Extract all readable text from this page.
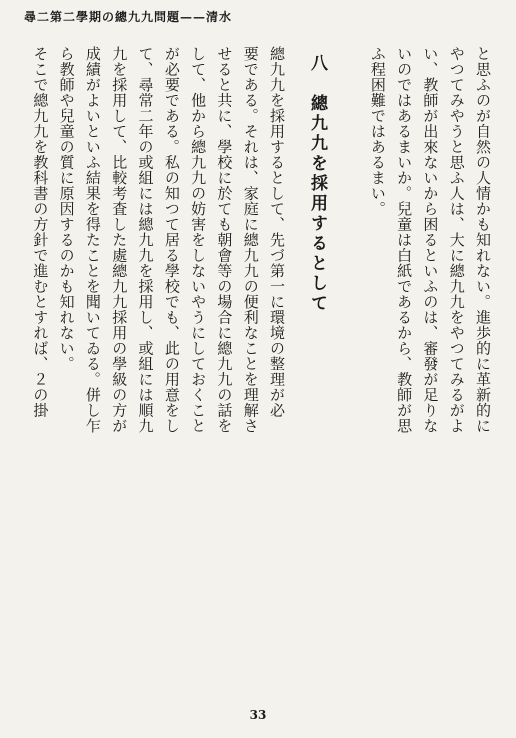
尋二第二學期の總九九問題——清水
と思ふのが自然の人情かも知れない。進歩的に革新的に
やつてみやうと思ふ人は、大に總九九をやつてみるがよ
い、教師が出來ないから困るといふのは、審發が足りな
いのではあるまいか。兒童は白紙であるから、教師が思
ふ程困難ではあるまい。
八　總九九を採用するとして
總九九を採用するとして、先づ第一に環境の整理が必
要である。それは、家庭に總九九の便利なことを理解さ
せると共に、學校に於ても朝會等の場合に總九九の話を
して、他から總九九の妨害をしないやうにしておくこと
が必要である。私の知つて居る學校でも、此の用意をし
て、尋常二年の或組には總九九を採用し、或組には順九
九を採用して、比較考査した處總九九採用の學級の方が
成績がよいといふ結果を得たことを聞いてゐる。併し乍
ら教師や兒童の質に原因するのかも知れない。
そこで總九九を教科書の方針で進むとすれば、２の掛
33
